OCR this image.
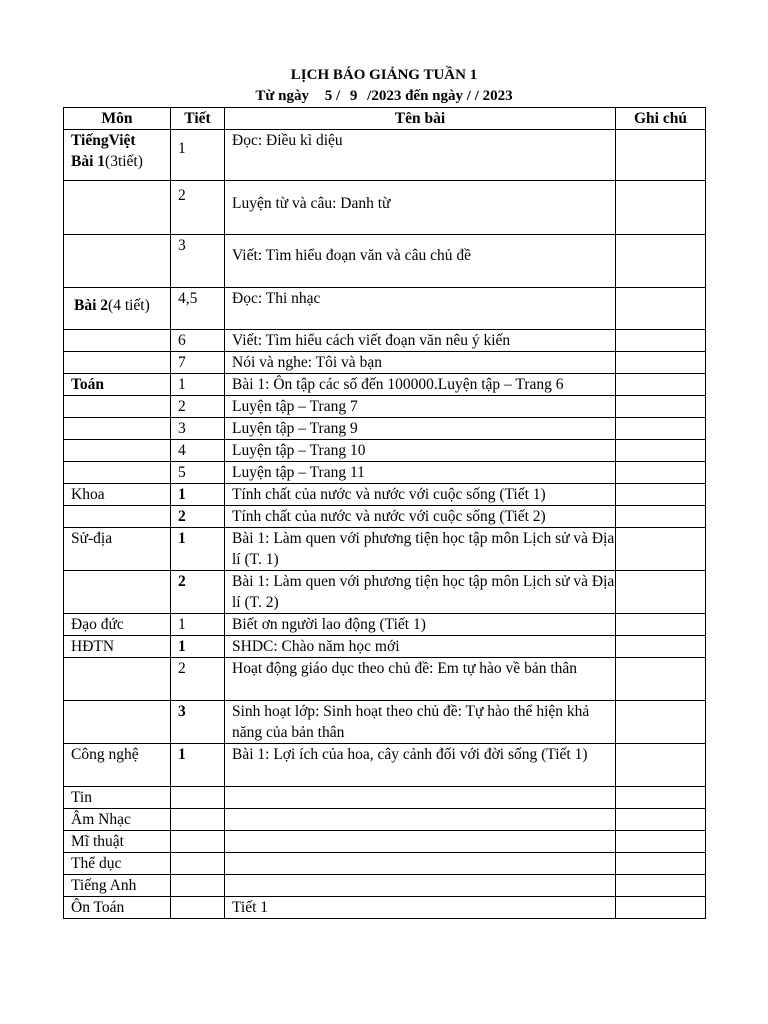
LỊCH BÁO GIẢNG TUẦN 1
Từ ngày 5 / 9 /2023 đến ngày / / 2023
Môn	Tiết	Tên bài	Ghi chú
TiếngViệt
Bài 1(3tiết)	1	Đọc: Điều kì diệu	
	2	Luyện từ và câu: Danh từ	
	3	Viết: Tìm hiểu đoạn văn và câu chủ đề	
Bài 2(4 tiết)	4,5	Đọc: Thi nhạc	
	6	Viết: Tìm hiểu cách viết đoạn văn nêu ý kiến	
	7	Nói và nghe: Tôi và bạn	
Toán	1	Bài 1: Ôn tập các số đến 100000.Luyện tập – Trang 6	
	2	Luyện tập – Trang 7	
	3	Luyện tập – Trang 9	
	4	Luyện tập – Trang 10	
	5	Luyện tập – Trang 11	
Khoa	1	Tính chất của nước và nước với cuộc sống (Tiết 1)	
	2	Tính chất của nước và nước với cuộc sống (Tiết 2)	
Sử-địa	1	Bài 1: Làm quen với phương tiện học tập môn Lịch sử và Địa lí (T. 1)	
	2	Bài 1: Làm quen với phương tiện học tập môn Lịch sử và Địa lí (T. 2)	
Đạo đức	1	Biết ơn người lao động (Tiết 1)	
HĐTN	1	SHDC: Chào năm học mới	
	2	Hoạt động giáo dục theo chủ đề: Em tự hào về bản thân	
	3	Sinh hoạt lớp: Sinh hoạt theo chủ đề: Tự hào thể hiện khả năng của bản thân	
Công nghệ	1	Bài 1: Lợi ích của hoa, cây cảnh đối với đời sống (Tiết 1)	
Tin			
Âm Nhạc			
Mĩ thuật			
Thể dục			
Tiếng Anh			
Ôn Toán		Tiết 1	
